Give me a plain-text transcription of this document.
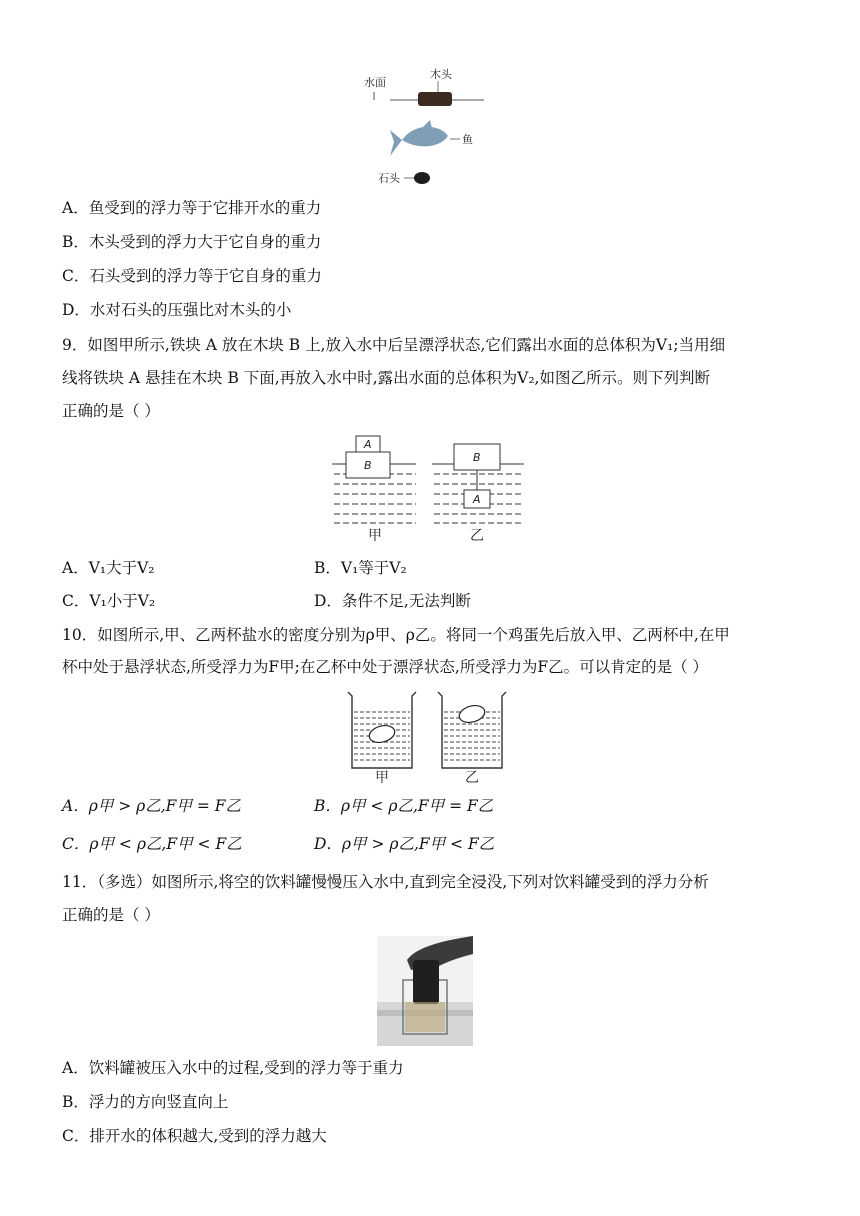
水面
木头
鱼
石头
A．鱼受到的浮力等于它排开水的重力
B．木头受到的浮力大于它自身的重力
C．石头受到的浮力等于它自身的重力
D．水对石头的压强比对木头的小
9．如图甲所示,铁块 A 放在木块 B 上,放入水中后呈漂浮状态,它们露出水面的总体积为V₁;当用细
线将铁块 A 悬挂在木块 B 下面,再放入水中时,露出水面的总体积为V₂,如图乙所示。则下列判断
正确的是（ ）
A
B
甲
B
A
乙
A．V₁大于V₂	B．V₁等于V₂
C．V₁小于V₂	D．条件不足,无法判断
10．如图所示,甲、乙两杯盐水的密度分别为ρ甲、ρ乙。将同一个鸡蛋先后放入甲、乙两杯中,在甲
杯中处于悬浮状态,所受浮力为F甲;在乙杯中处于漂浮状态,所受浮力为F乙。可以肯定的是（ ）
甲	乙
A．ρ甲 > ρ乙,F甲 = F乙	B．ρ甲 < ρ乙,F甲 = F乙
C．ρ甲 < ρ乙,F甲 < F乙	D．ρ甲 > ρ乙,F甲 < F乙
11．（多选）如图所示,将空的饮料罐慢慢压入水中,直到完全浸没,下列对饮料罐受到的浮力分析
正确的是（ ）
A．饮料罐被压入水中的过程,受到的浮力等于重力
B．浮力的方向竖直向上
C．排开水的体积越大,受到的浮力越大
